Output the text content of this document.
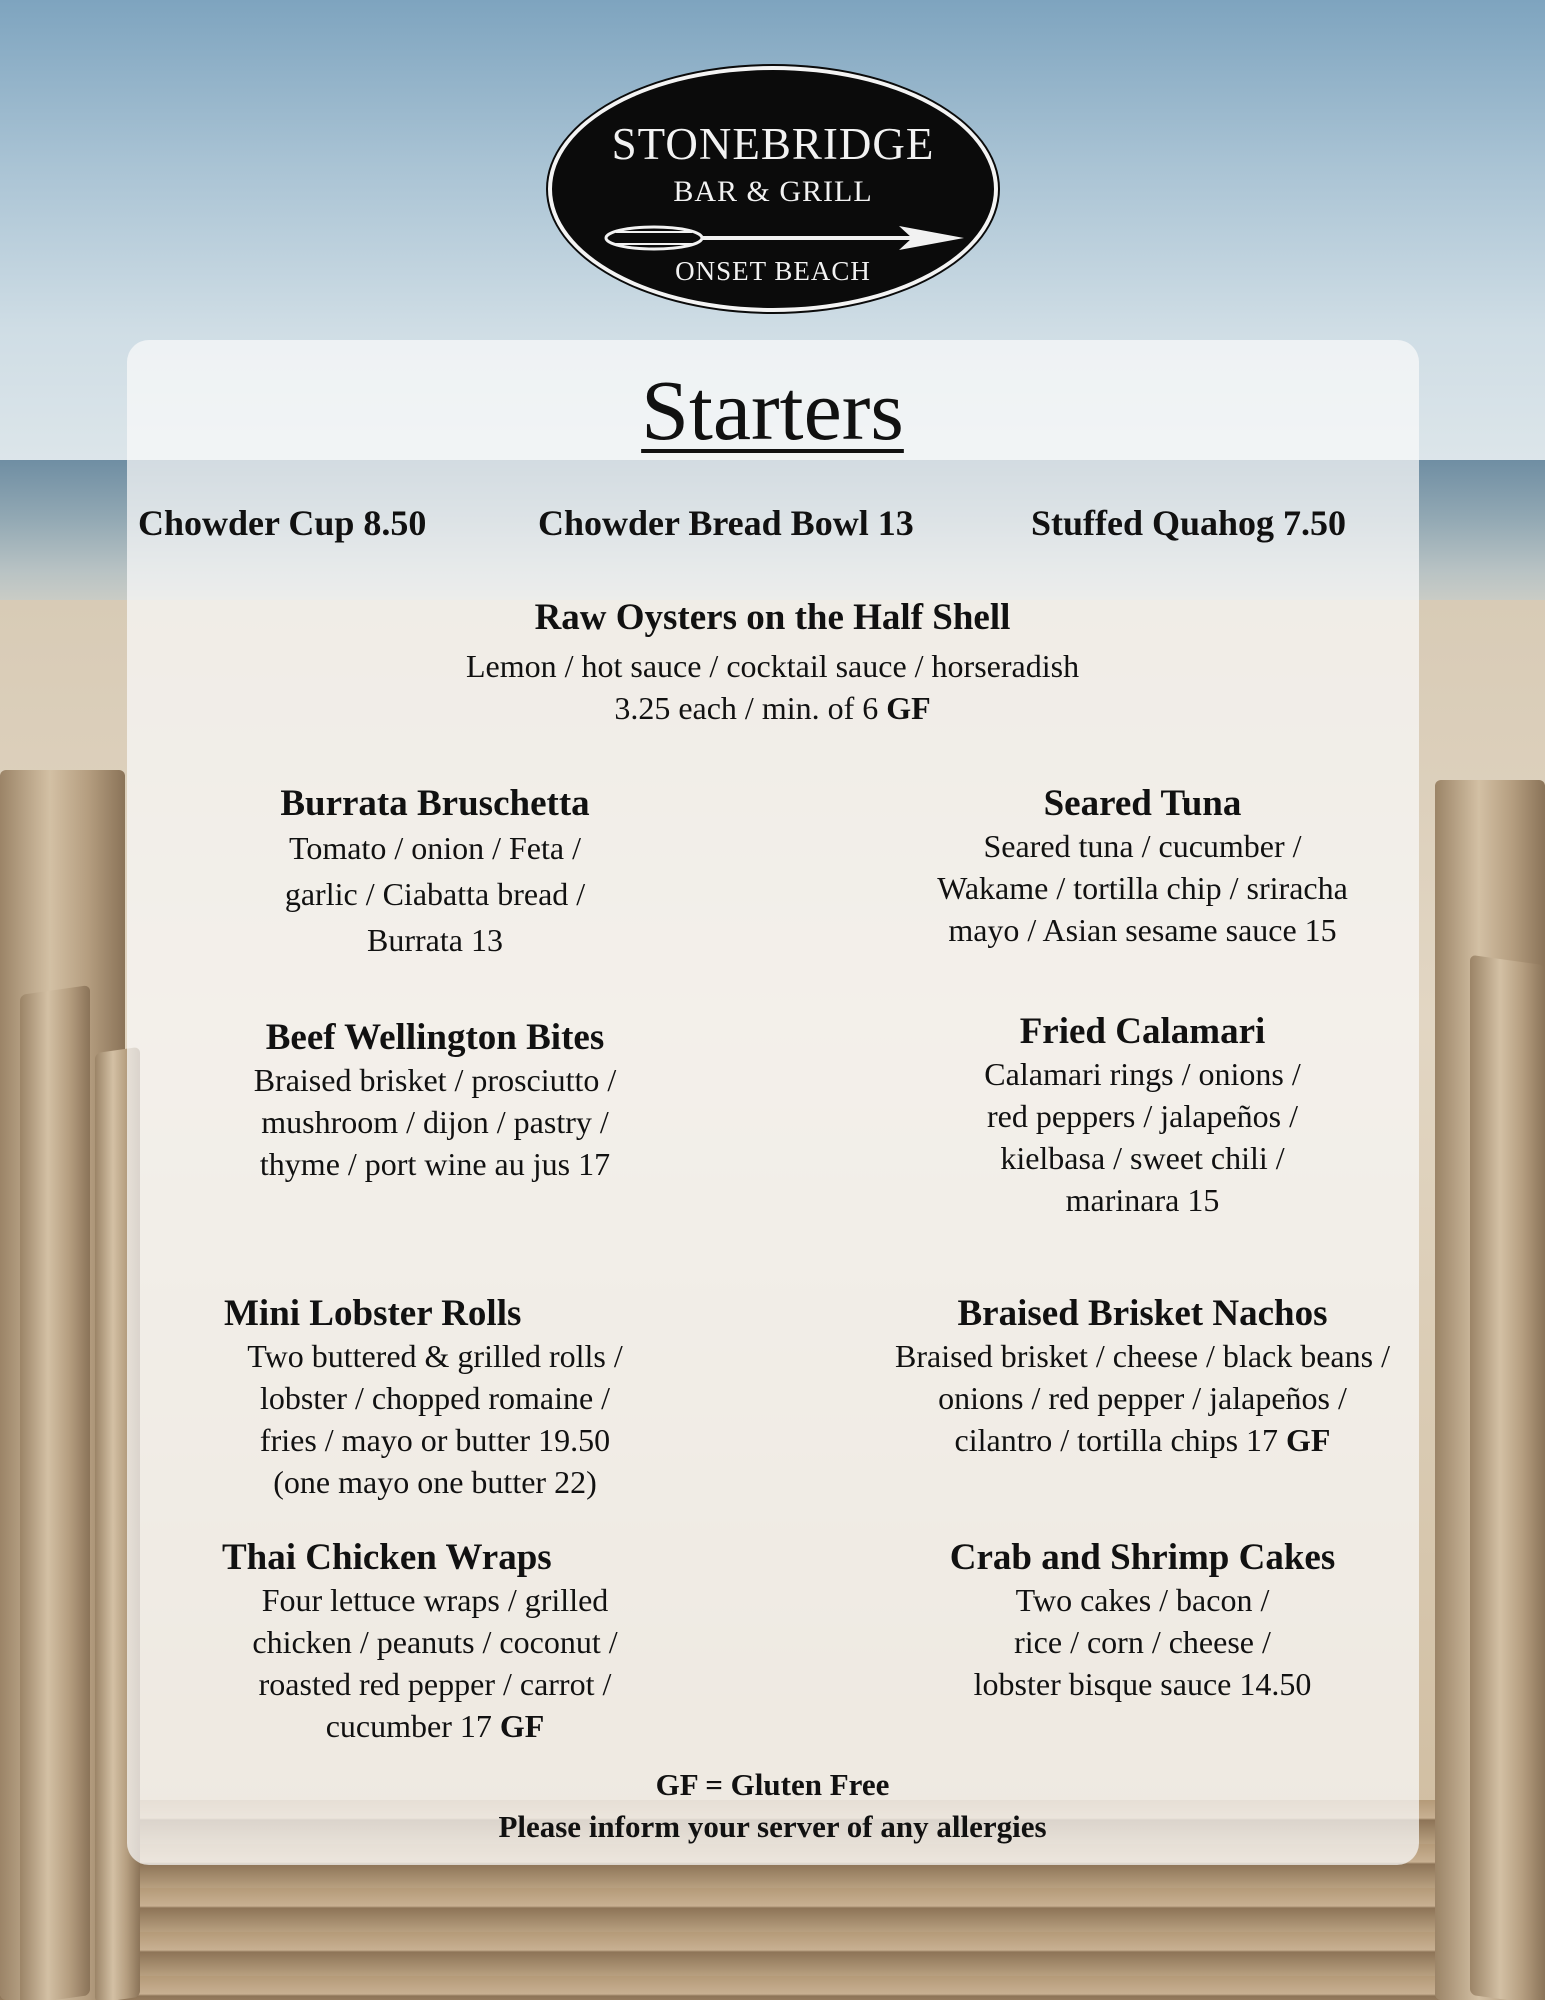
STONEBRIDGE
BAR & GRILL
ONSET BEACH
Starters
Chowder Cup 8.50	Chowder Bread Bowl 13	Stuffed Quahog 7.50
Raw Oysters on the Half Shell
Lemon / hot sauce / cocktail sauce / horseradish
3.25 each / min. of 6 GF
Burrata Bruschetta
Tomato / onion / Feta /
garlic / Ciabatta bread /
Burrata 13
Beef Wellington Bites
Braised brisket / prosciutto /
mushroom / dijon / pastry /
thyme / port wine au jus 17
Mini Lobster Rolls
Two buttered & grilled rolls /
lobster / chopped romaine /
fries / mayo or butter 19.50
(one mayo one butter 22)
Thai Chicken Wraps
Four lettuce wraps / grilled
chicken / peanuts / coconut /
roasted red pepper / carrot /
cucumber 17 GF
Seared Tuna
Seared tuna / cucumber /
Wakame / tortilla chip / sriracha
mayo / Asian sesame sauce 15
Fried Calamari
Calamari rings / onions /
red peppers / jalapeños /
kielbasa / sweet chili /
marinara 15
Braised Brisket Nachos
Braised brisket / cheese / black beans /
onions / red pepper / jalapeños /
cilantro / tortilla chips 17 GF
Crab and Shrimp Cakes
Two cakes / bacon /
rice / corn / cheese /
lobster bisque sauce 14.50
GF = Gluten Free
Please inform your server of any allergies
